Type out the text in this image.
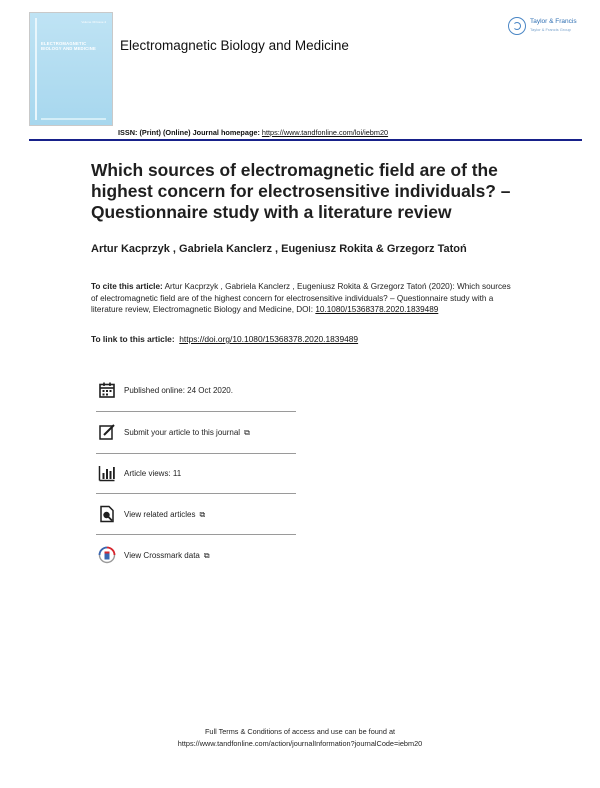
Volume 39 Issue 4
ELECTROMAGNETIC BIOLOGY AND MEDICINE	Electromagnetic Biology and Medicine
Taylor & Francis
Taylor & Francis Group
ISSN: (Print) (Online) Journal homepage: https://www.tandfonline.com/loi/iebm20
Which sources of electromagnetic field are of the highest concern for electrosensitive individuals? – Questionnaire study with a literature review
Artur Kacprzyk , Gabriela Kanclerz , Eugeniusz Rokita & Grzegorz Tatoń
To cite this article: Artur Kacprzyk , Gabriela Kanclerz , Eugeniusz Rokita & Grzegorz Tatoń (2020): Which sources of electromagnetic field are of the highest concern for electrosensitive individuals? – Questionnaire study with a literature review, Electromagnetic Biology and Medicine, DOI: 10.1080/15368378.2020.1839489
To link to this article: https://doi.org/10.1080/15368378.2020.1839489
Published online: 24 Oct 2020.
Submit your article to this journal ⧉
Article views: 11
View related articles ⧉
View Crossmark data ⧉
Full Terms & Conditions of access and use can be found at
https://www.tandfonline.com/action/journalInformation?journalCode=iebm20
